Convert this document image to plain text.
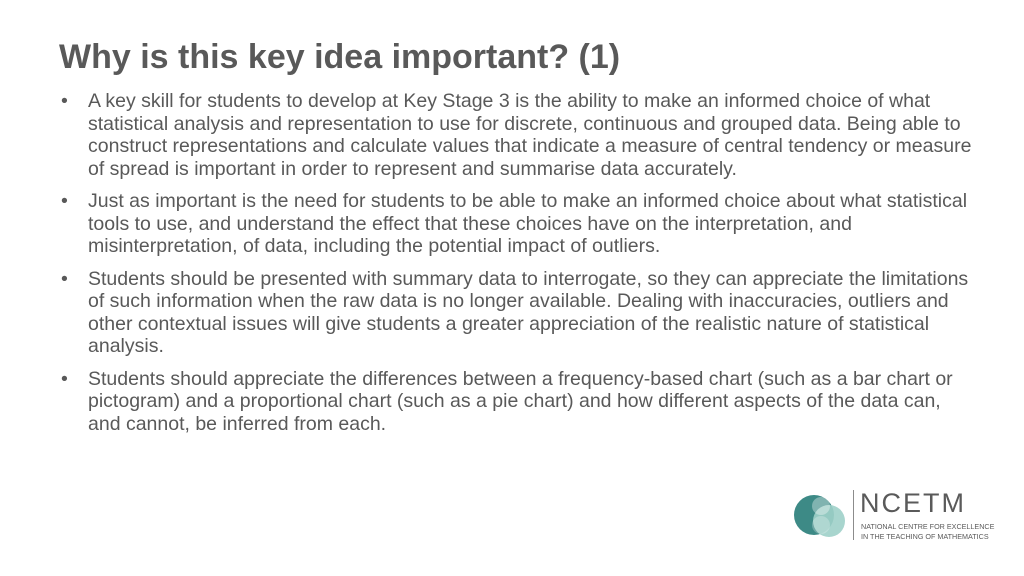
Why is this key idea important? (1)
• A key skill for students to develop at Key Stage 3 is the ability to make an informed choice of what statistical analysis and representation to use for discrete, continuous and grouped data. Being able to construct representations and calculate values that indicate a measure of central tendency or measure of spread is important in order to represent and summarise data accurately.
• Just as important is the need for students to be able to make an informed choice about what statistical tools to use, and understand the effect that these choices have on the interpretation, and misinterpretation, of data, including the potential impact of outliers.
• Students should be presented with summary data to interrogate, so they can appreciate the limitations of such information when the raw data is no longer available. Dealing with inaccuracies, outliers and other contextual issues will give students a greater appreciation of the realistic nature of statistical analysis.
• Students should appreciate the differences between a frequency-based chart (such as a bar chart or pictogram) and a proportional chart (such as a pie chart) and how different aspects of the data can, and cannot, be inferred from each.
NCETM
NATIONAL CENTRE FOR EXCELLENCE
IN THE TEACHING OF MATHEMATICS
